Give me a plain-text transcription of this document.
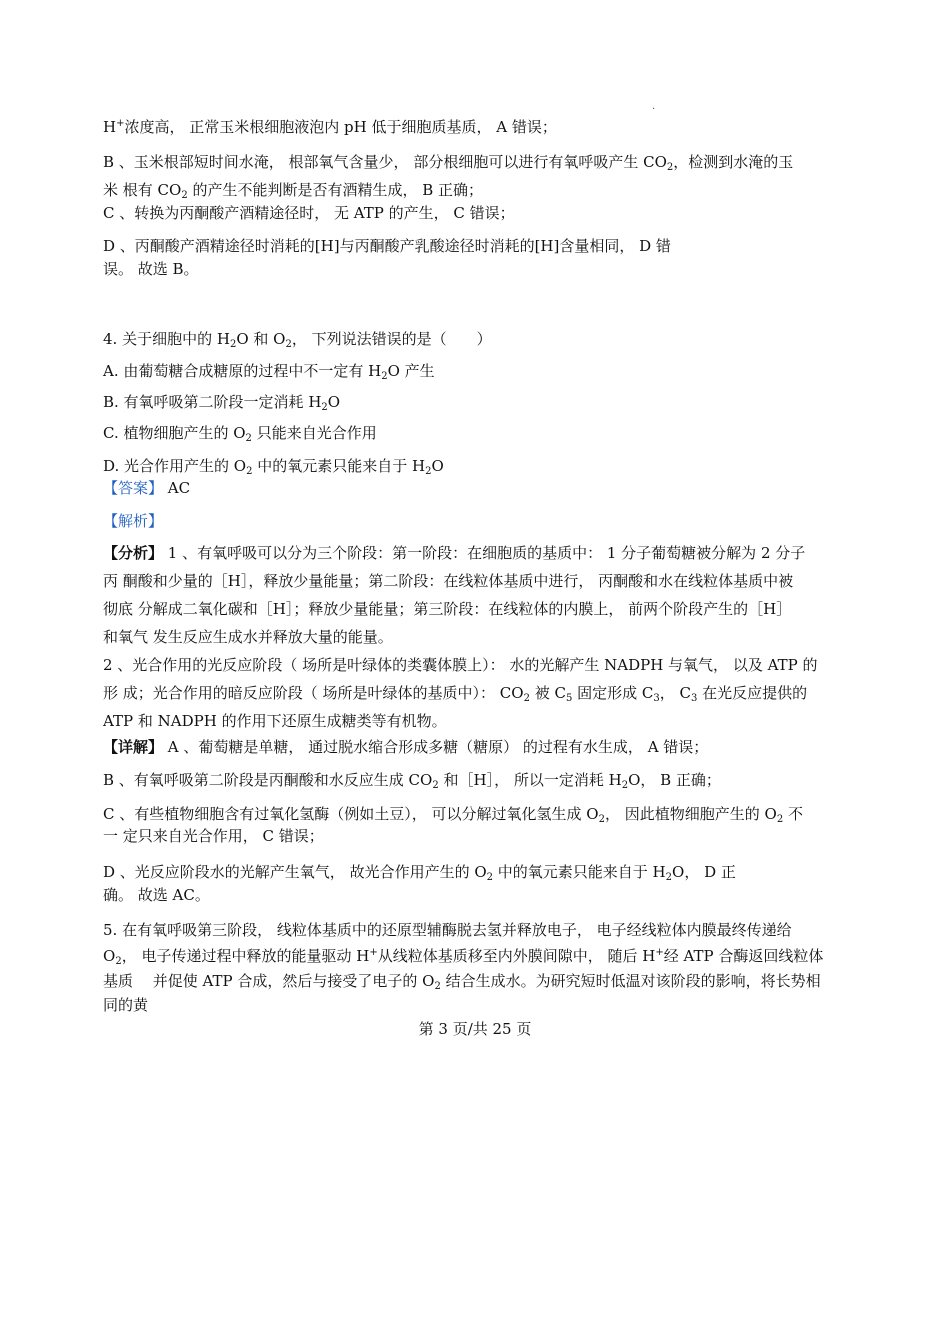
·

H+浓度高， 正常玉米根细胞液泡内 pH 低于细胞质基质， A 错误；

B 、玉米根部短时间水淹， 根部氧气含量少， 部分根细胞可以进行有氧呼吸产生 $CO_2$，检测到水淹的玉

米 根有 $CO_2$ 的产生不能判断是否有酒精生成， B 正确；

C 、转换为丙酮酸产酒精途径时， 无 ATP 的产生， C 错误；

D 、丙酮酸产酒精途径时消耗的[H]与丙酮酸产乳酸途径时消耗的[H]含量相同， D 错

误。 故选 B。

4. 关于细胞中的 $H_2O$ 和 $O_2$， 下列说法错误的是（　　）

A. 由葡萄糖合成糖原的过程中不一定有 $H_2O$ 产生

B. 有氧呼吸第二阶段一定消耗 $H_2O$

C. 植物细胞产生的 $O_2$ 只能来自光合作用

D. 光合作用产生的 $O_2$ 中的氧元素只能来自于 $H_2O$

【答案】 AC

【解析】

【分析】 1 、有氧呼吸可以分为三个阶段：第一阶段：在细胞质的基质中： 1 分子葡萄糖被分解为 2 分子

丙 酮酸和少量的［H］，释放少量能量；第二阶段：在线粒体基质中进行， 丙酮酸和水在线粒体基质中被

彻底 分解成二氧化碳和［H］；释放少量能量；第三阶段：在线粒体的内膜上， 前两个阶段产生的［H］

和氧气 发生反应生成水并释放大量的能量。

2 、光合作用的光反应阶段（ 场所是叶绿体的类囊体膜上）： 水的光解产生 NADPH 与氧气， 以及 ATP 的

形 成；光合作用的暗反应阶段（ 场所是叶绿体的基质中）： $CO_2$ 被 $C_5$ 固定形成 $C_3$， $C_3$ 在光反应提供的

ATP 和 NADPH 的作用下还原生成糖类等有机物。

【详解】 A 、葡萄糖是单糖， 通过脱水缩合形成多糖（糖原） 的过程有水生成， A 错误；

B 、有氧呼吸第二阶段是丙酮酸和水反应生成 $CO_2$ 和［H］， 所以一定消耗 $H_2O$， B 正确；

C 、有些植物细胞含有过氧化氢酶（例如土豆）， 可以分解过氧化氢生成 $O_2$， 因此植物细胞产生的 $O_2$ 不

一 定只来自光合作用， C 错误；

D 、光反应阶段水的光解产生氧气， 故光合作用产生的 $O_2$ 中的氧元素只能来自于 $H_2O$， D 正

确。 故选 AC。

5. 在有氧呼吸第三阶段， 线粒体基质中的还原型辅酶脱去氢并释放电子， 电子经线粒体内膜最终传递给

$O_2$， 电子传递过程中释放的能量驱动 H+从线粒体基质移至内外膜间隙中， 随后 H+经 ATP 合酶返回线粒体

基质　 并促使 ATP 合成，然后与接受了电子的 $O_2$ 结合生成水。为研究短时低温对该阶段的影响，将长势相

同的黄

第 3 页/共 25 页
